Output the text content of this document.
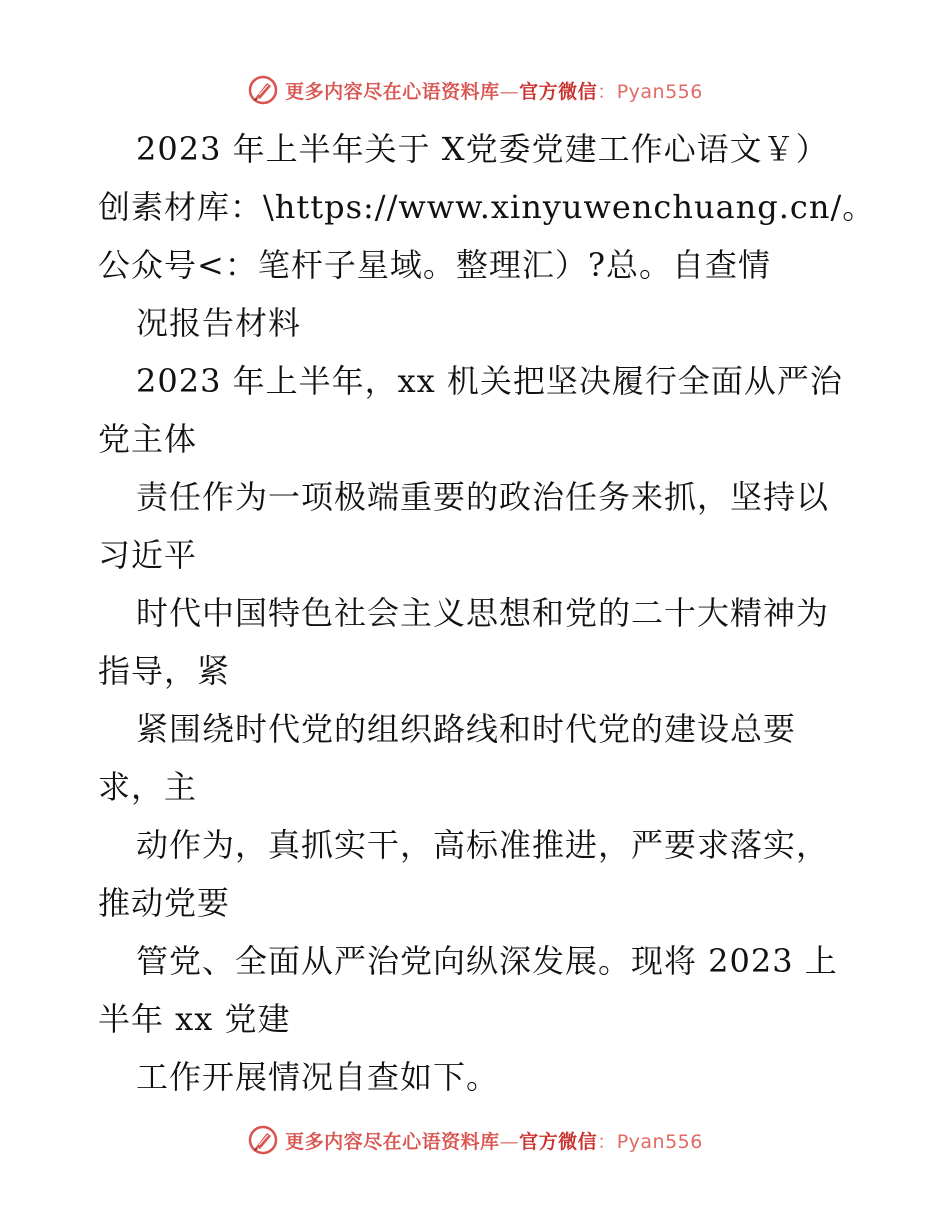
更多内容尽在心语资料库—官方微信：Pyan556
2023 年上半年关于 X党委党建工作心语文￥）
创素材库：\https://www.xinyuwenchuang.cn/。
公众号<：笔杆子星域。整理汇）?总。自查情
况报告材料
2023 年上半年，xx 机关把坚决履行全面从严治
党主体
责任作为一项极端重要的政治任务来抓，坚持以
习近平
时代中国特色社会主义思想和党的二十大精神为
指导，紧
紧围绕时代党的组织路线和时代党的建设总要
求，主
动作为，真抓实干，高标准推进，严要求落实，
推动党要
管党、全面从严治党向纵深发展。现将 2023 上
半年 xx 党建
工作开展情况自查如下。
更多内容尽在心语资料库—官方微信：Pyan556
